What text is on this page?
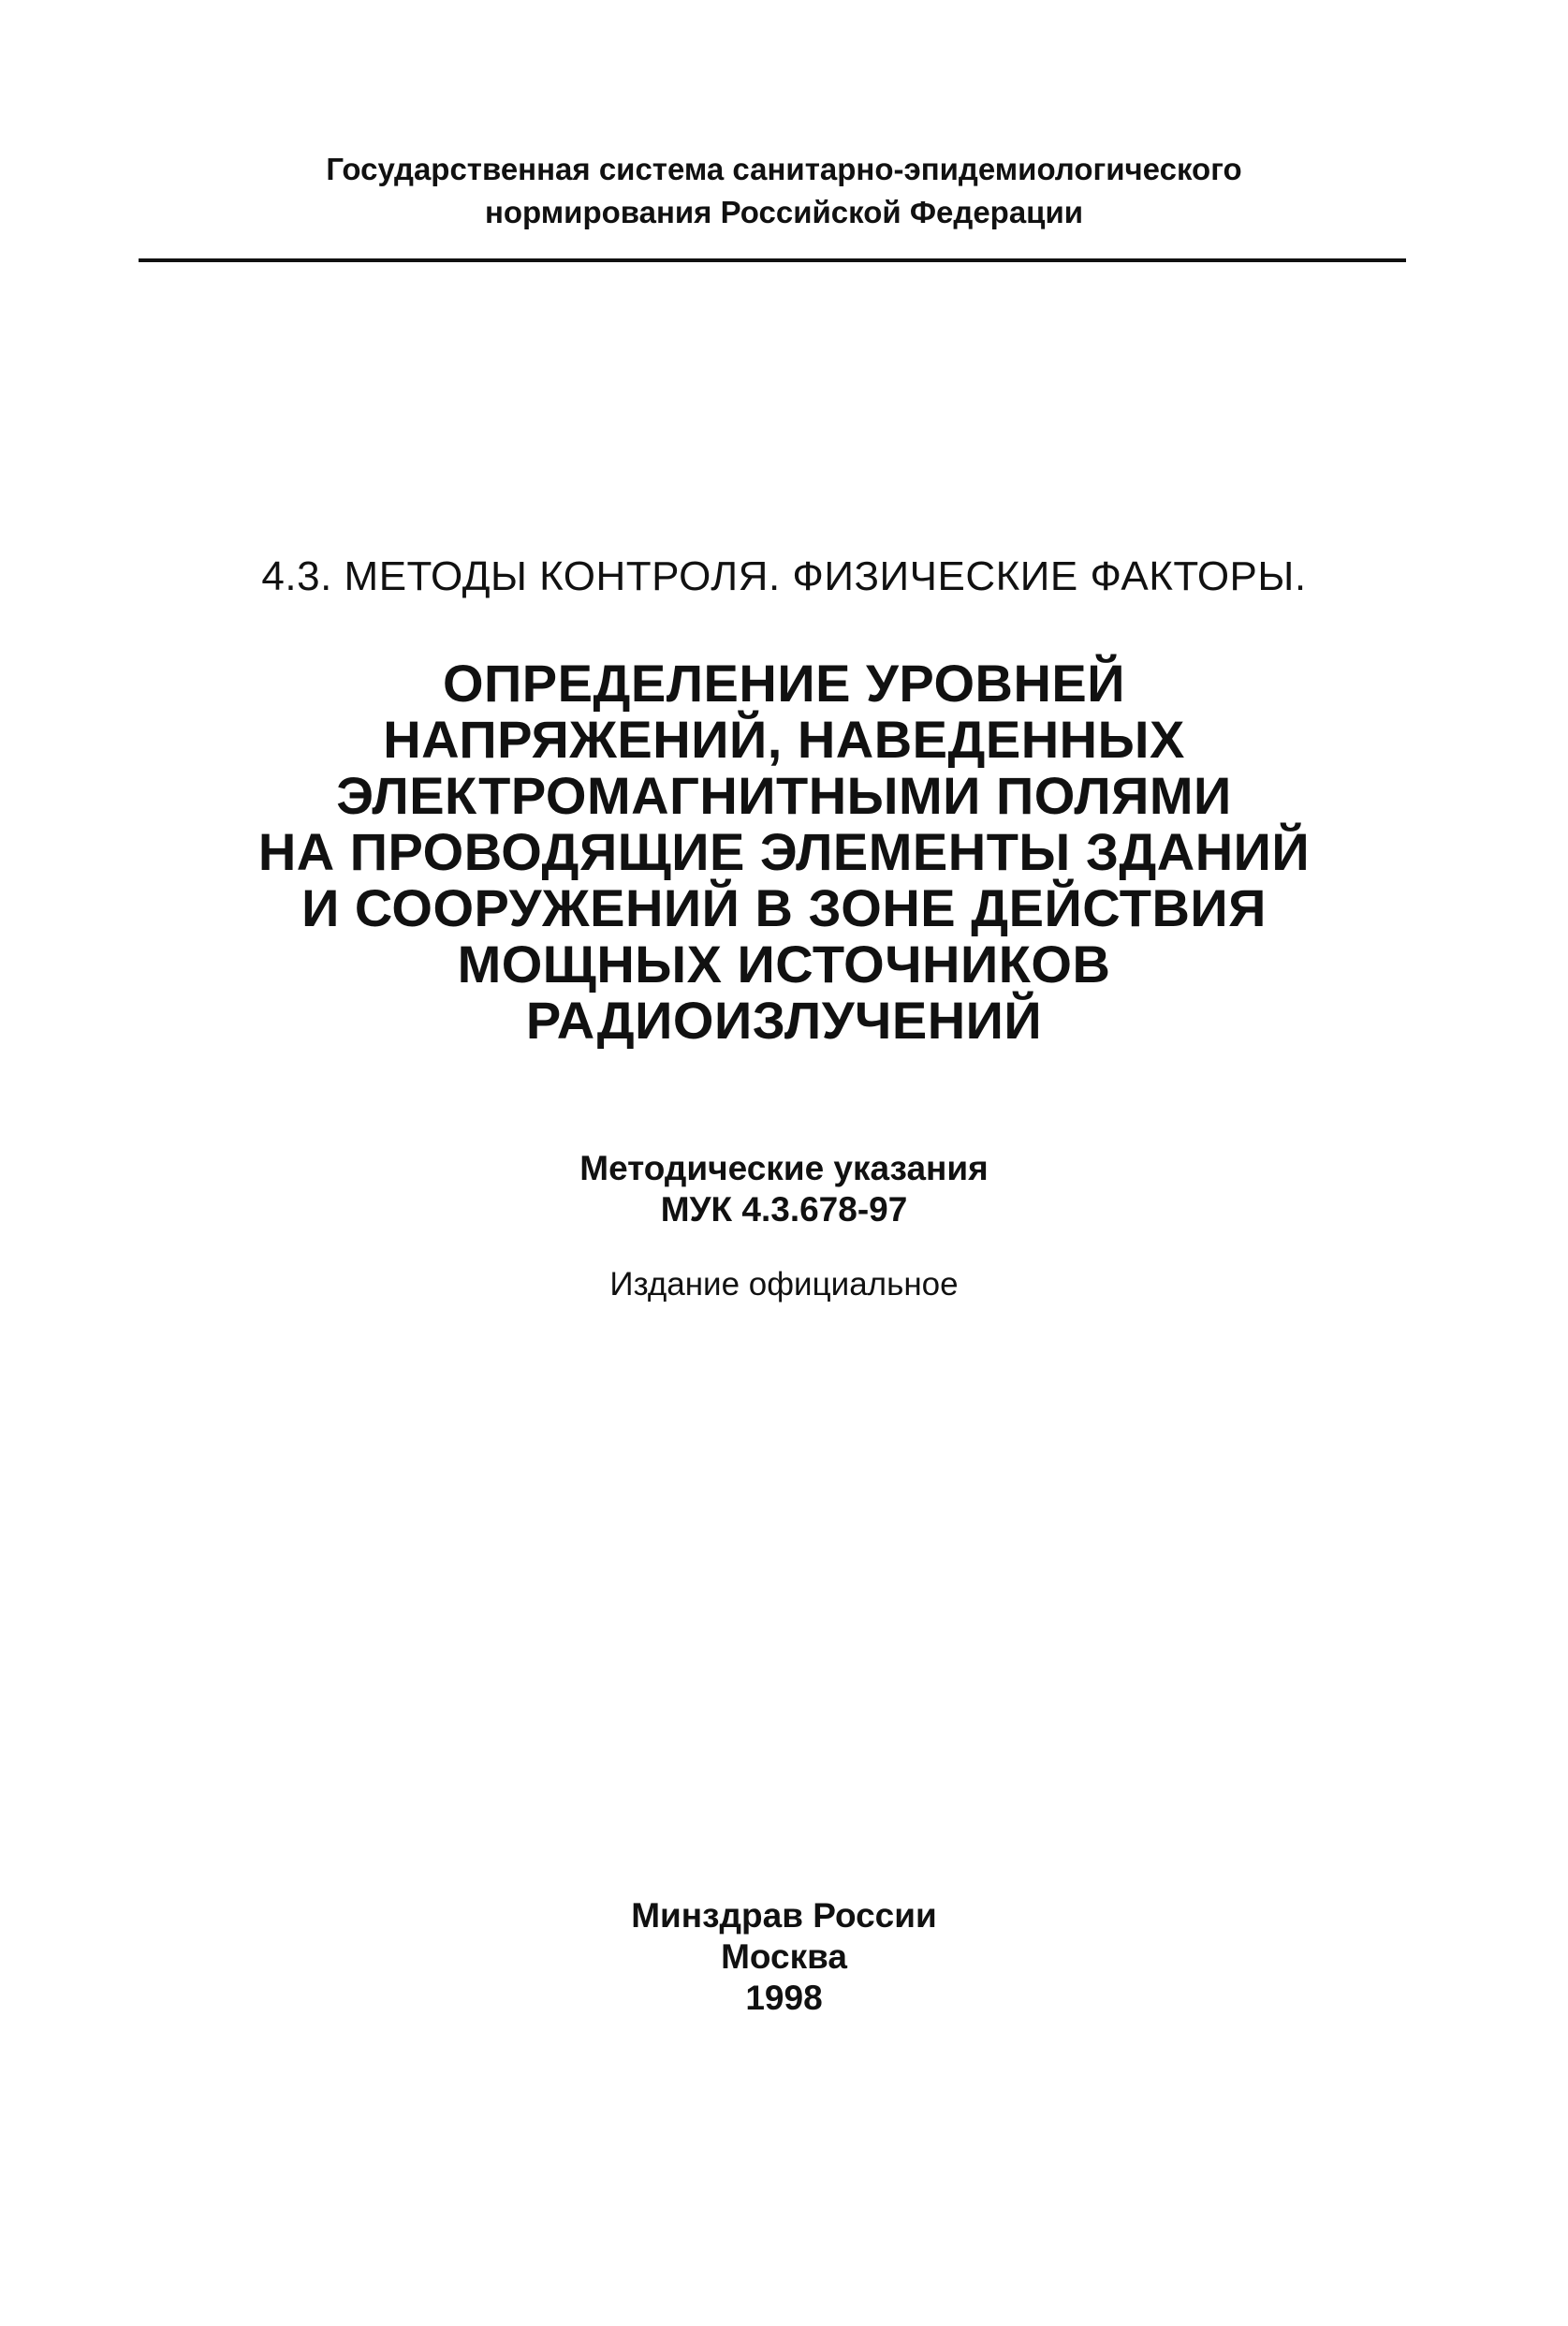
Государственная система санитарно-эпидемиологического
нормирования Российской Федерации
4.3. МЕТОДЫ КОНТРОЛЯ. ФИЗИЧЕСКИЕ ФАКТОРЫ.
ОПРЕДЕЛЕНИЕ УРОВНЕЙ
НАПРЯЖЕНИЙ, НАВЕДЕННЫХ
ЭЛЕКТРОМАГНИТНЫМИ ПОЛЯМИ
НА ПРОВОДЯЩИЕ ЭЛЕМЕНТЫ ЗДАНИЙ
И СООРУЖЕНИЙ В ЗОНЕ ДЕЙСТВИЯ
МОЩНЫХ ИСТОЧНИКОВ
РАДИОИЗЛУЧЕНИЙ
Методические указания
МУК 4.3.678-97
Издание официальное
Минздрав России
Москва
1998
